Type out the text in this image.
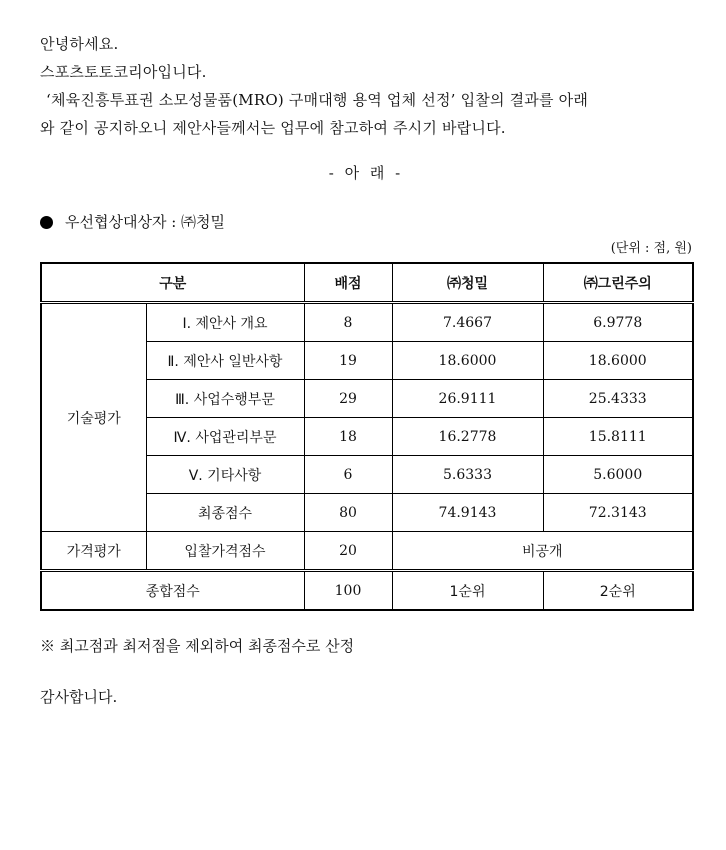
안녕하세요.
스포츠토토코리아입니다.
‘체육진흥투표권 소모성물품(MRO) 구매대행 용역 업체 선정’ 입찰의 결과를 아래
와 같이 공지하오니 제안사들께서는 업무에 참고하여 주시기 바랍니다.
- 아 래 -
우선협상대상자 : ㈜청밀
(단위 : 점, 원)
구분		배점	㈜청밀	㈜그린주의
기술평가	Ⅰ. 제안사 개요	8	7.4667	6.9778
	Ⅱ. 제안사 일반사항	19	18.6000	18.6000
	Ⅲ. 사업수행부문	29	26.9111	25.4333
	Ⅳ. 사업관리부문	18	16.2778	15.8111
	Ⅴ. 기타사항	6	5.6333	5.6000
	최종점수	80	74.9143	72.3143
가격평가	입찰가격점수	20	비공개	
종합점수		100	1순위	2순위
※ 최고점과 최저점을 제외하여 최종점수로 산정
감사합니다.
